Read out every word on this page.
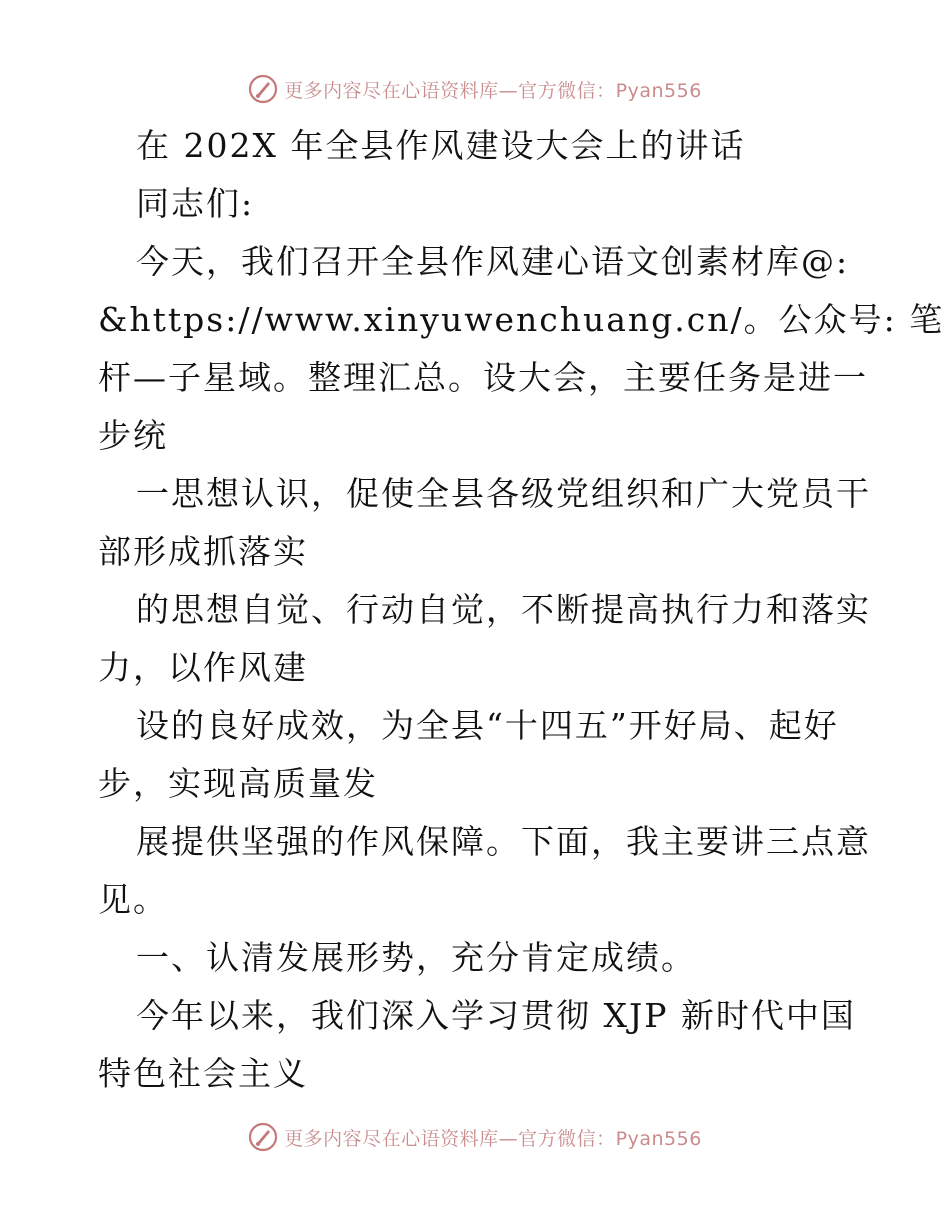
更多内容尽在心语资料库—官方微信：Pyan556
在 202X 年全县作风建设大会上的讲话
同志们:
今天，我们召开全县作风建心语文创素材库@:
&https://www.xinyuwenchuang.cn/。公众号: 笔
杆—子星域。整理汇总。设大会，主要任务是进一
步统
一思想认识，促使全县各级党组织和广大党员干
部形成抓落实
的思想自觉、行动自觉，不断提高执行力和落实
力，以作风建
设的良好成效，为全县“十四五”开好局、起好
步，实现高质量发
展提供坚强的作风保障。下面，我主要讲三点意
见。
一、认清发展形势，充分肯定成绩。
今年以来，我们深入学习贯彻 XJP 新时代中国
特色社会主义
更多内容尽在心语资料库—官方微信：Pyan556
